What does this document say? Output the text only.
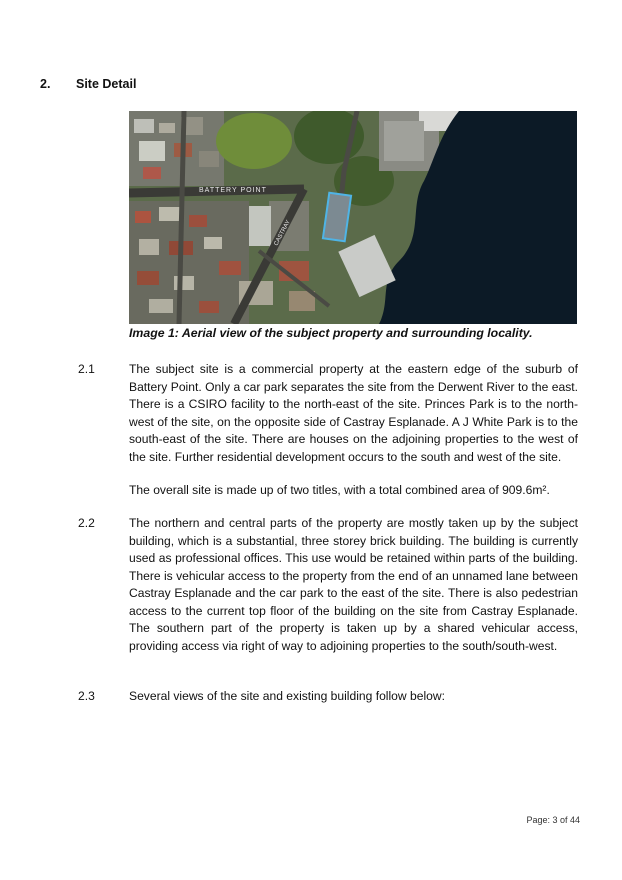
2. Site Detail
BATTERY POINT
CASTRAY
Image 1: Aerial view of the subject property and surrounding locality.
2.1	The subject site is a commercial property at the eastern edge of the suburb of Battery Point. Only a car park separates the site from the Derwent River to the east. There is a CSIRO facility to the north-east of the site. Princes Park is to the north-west of the site, on the opposite side of Castray Esplanade. A J White Park is to the south-east of the site. There are houses on the adjoining properties to the west of the site. Further residential development occurs to the south and west of the site.
The overall site is made up of two titles, with a total combined area of 909.6m².
2.2	The northern and central parts of the property are mostly taken up by the subject building, which is a substantial, three storey brick building. The building is currently used as professional offices. This use would be retained within parts of the building. There is vehicular access to the property from the end of an unnamed lane between Castray Esplanade and the car park to the east of the site. There is also pedestrian access to the current top floor of the building on the site from Castray Esplanade. The southern part of the property is taken up by a shared vehicular access, providing access via right of way to adjoining properties to the south/south-west.
2.3	Several views of the site and existing building follow below:
Page: 3 of 44
